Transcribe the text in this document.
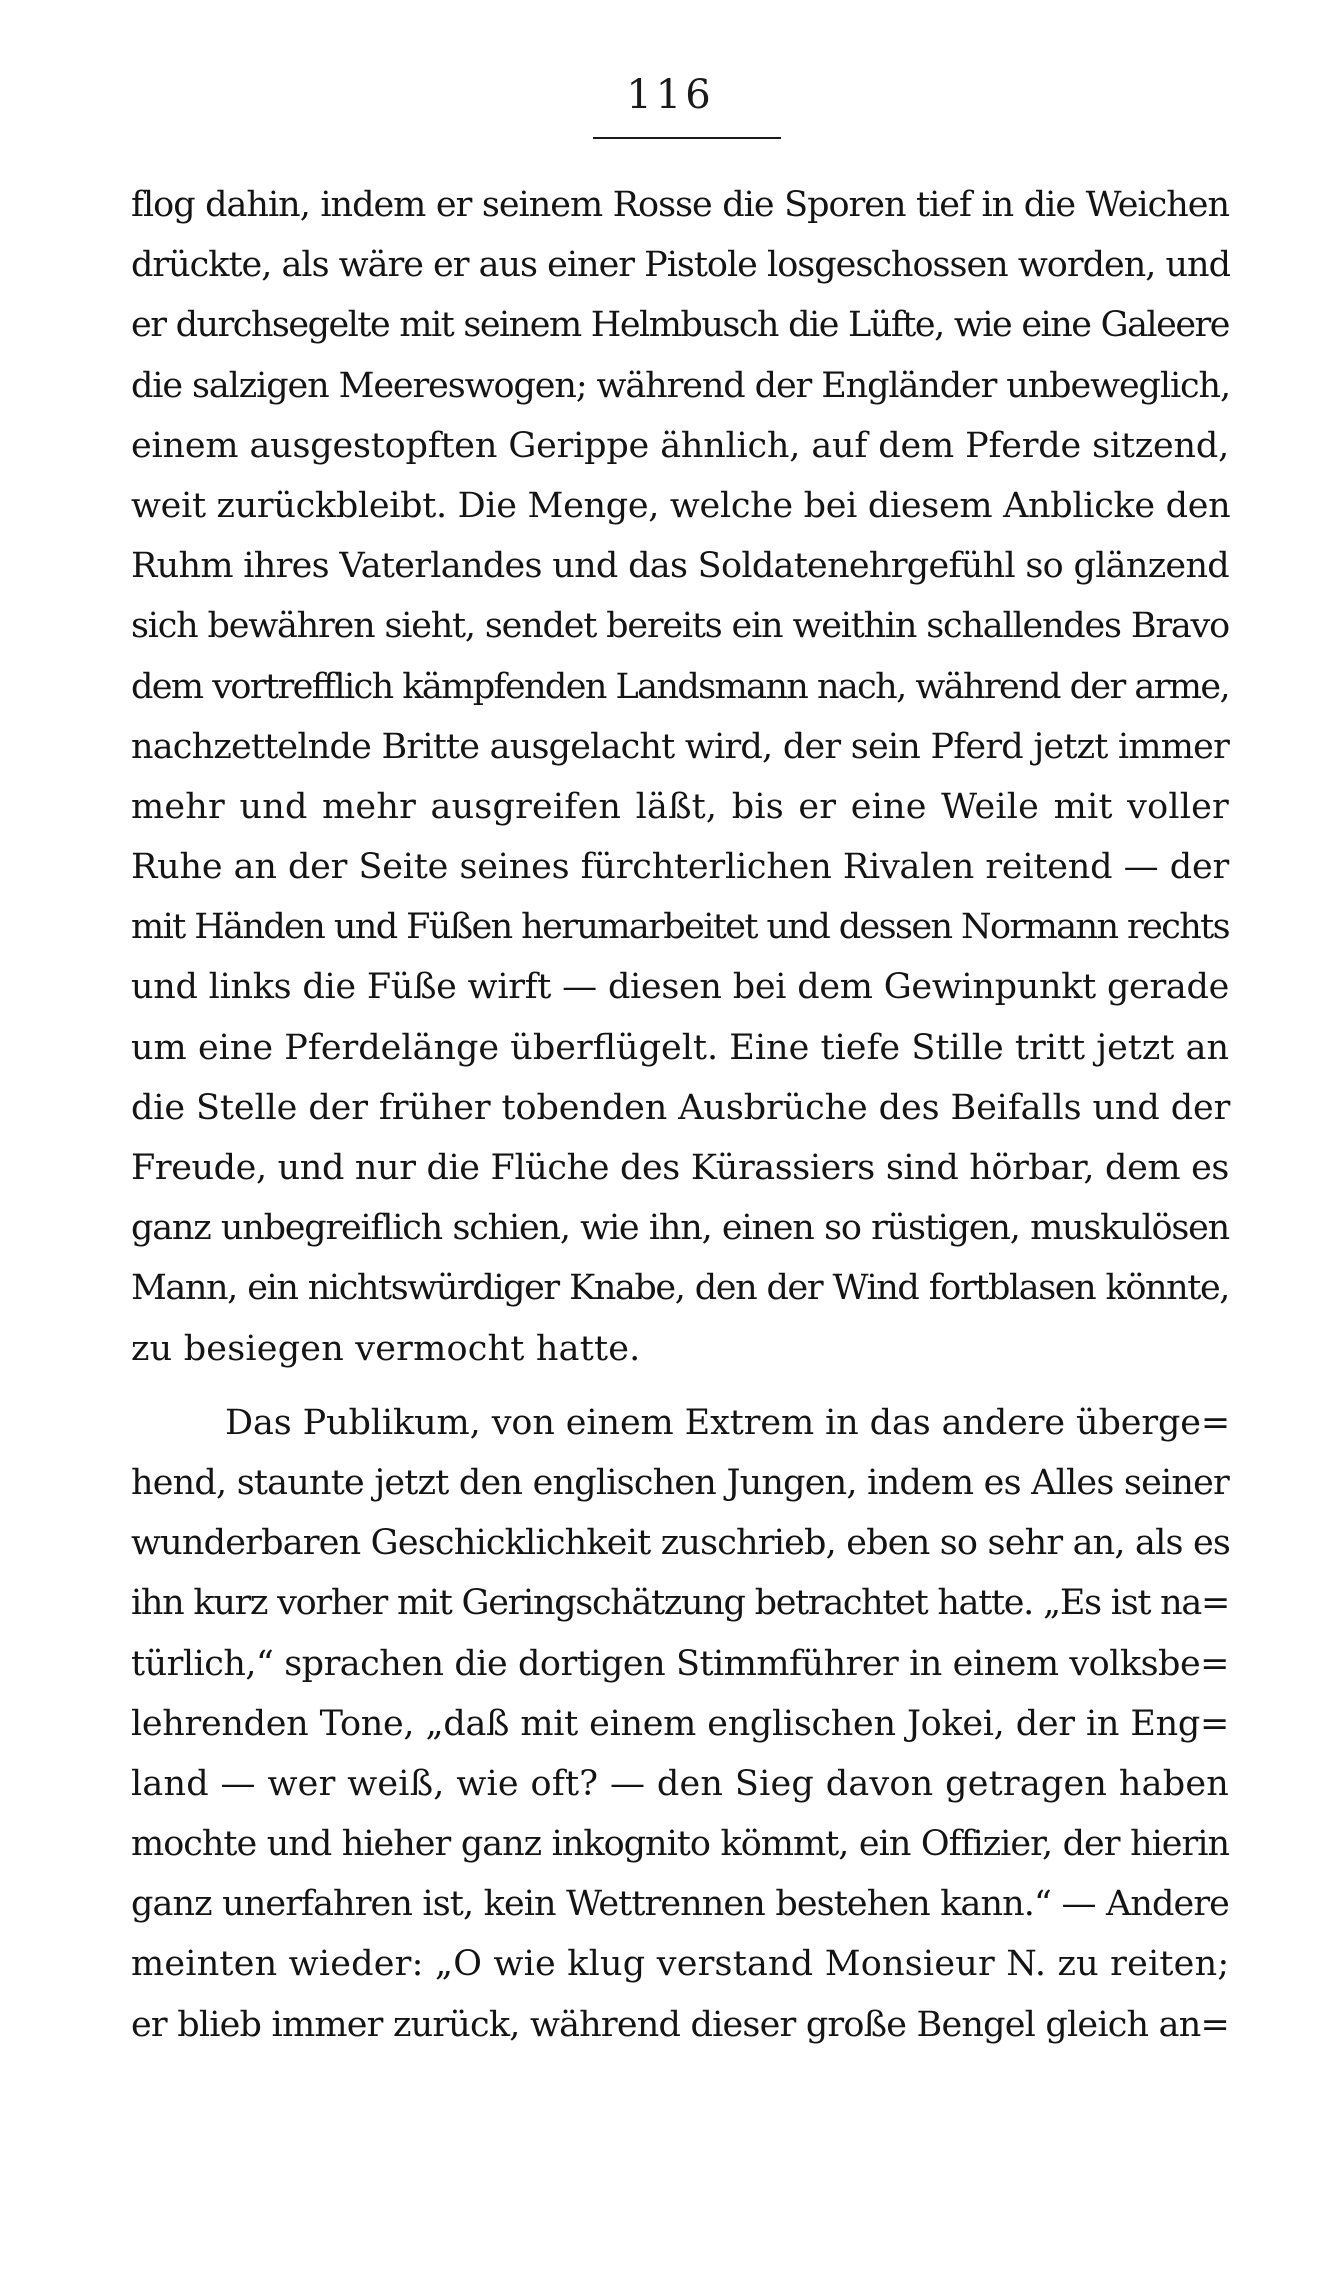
116
flog dahin, indem er seinem Rosse die Sporen tief in die Weichen
drückte, als wäre er aus einer Pistole losgeschossen worden, und
er durchsegelte mit seinem Helmbusch die Lüfte, wie eine Galeere
die salzigen Meereswogen; während der Engländer unbeweglich,
einem ausgestopften Gerippe ähnlich, auf dem Pferde sitzend,
weit zurückbleibt. Die Menge, welche bei diesem Anblicke den
Ruhm ihres Vaterlandes und das Soldatenehrgefühl so glänzend
sich bewähren sieht, sendet bereits ein weithin schallendes Bravo
dem vortrefflich kämpfenden Landsmann nach, während der arme,
nachzettelnde Britte ausgelacht wird, der sein Pferd jetzt immer
mehr und mehr ausgreifen läßt, bis er eine Weile mit voller
Ruhe an der Seite seines fürchterlichen Rivalen reitend — der
mit Händen und Füßen herumarbeitet und dessen Normann rechts
und links die Füße wirft — diesen bei dem Gewinpunkt gerade
um eine Pferdelänge überflügelt. Eine tiefe Stille tritt jetzt an
die Stelle der früher tobenden Ausbrüche des Beifalls und der
Freude, und nur die Flüche des Kürassiers sind hörbar, dem es
ganz unbegreiflich schien, wie ihn, einen so rüstigen, muskulösen
Mann, ein nichtswürdiger Knabe, den der Wind fortblasen könnte,
zu besiegen vermocht hatte.
Das Publikum, von einem Extrem in das andere überge=
hend, staunte jetzt den englischen Jungen, indem es Alles seiner
wunderbaren Geschicklichkeit zuschrieb, eben so sehr an, als es
ihn kurz vorher mit Geringschätzung betrachtet hatte. „Es ist na=
türlich,“ sprachen die dortigen Stimmführer in einem volksbe=
lehrenden Tone, „daß mit einem englischen Jokei, der in Eng=
land — wer weiß, wie oft? — den Sieg davon getragen haben
mochte und hieher ganz inkognito kömmt, ein Offizier, der hierin
ganz unerfahren ist, kein Wettrennen bestehen kann.“ — Andere
meinten wieder: „O wie klug verstand Monsieur N. zu reiten;
er blieb immer zurück, während dieser große Bengel gleich an=
